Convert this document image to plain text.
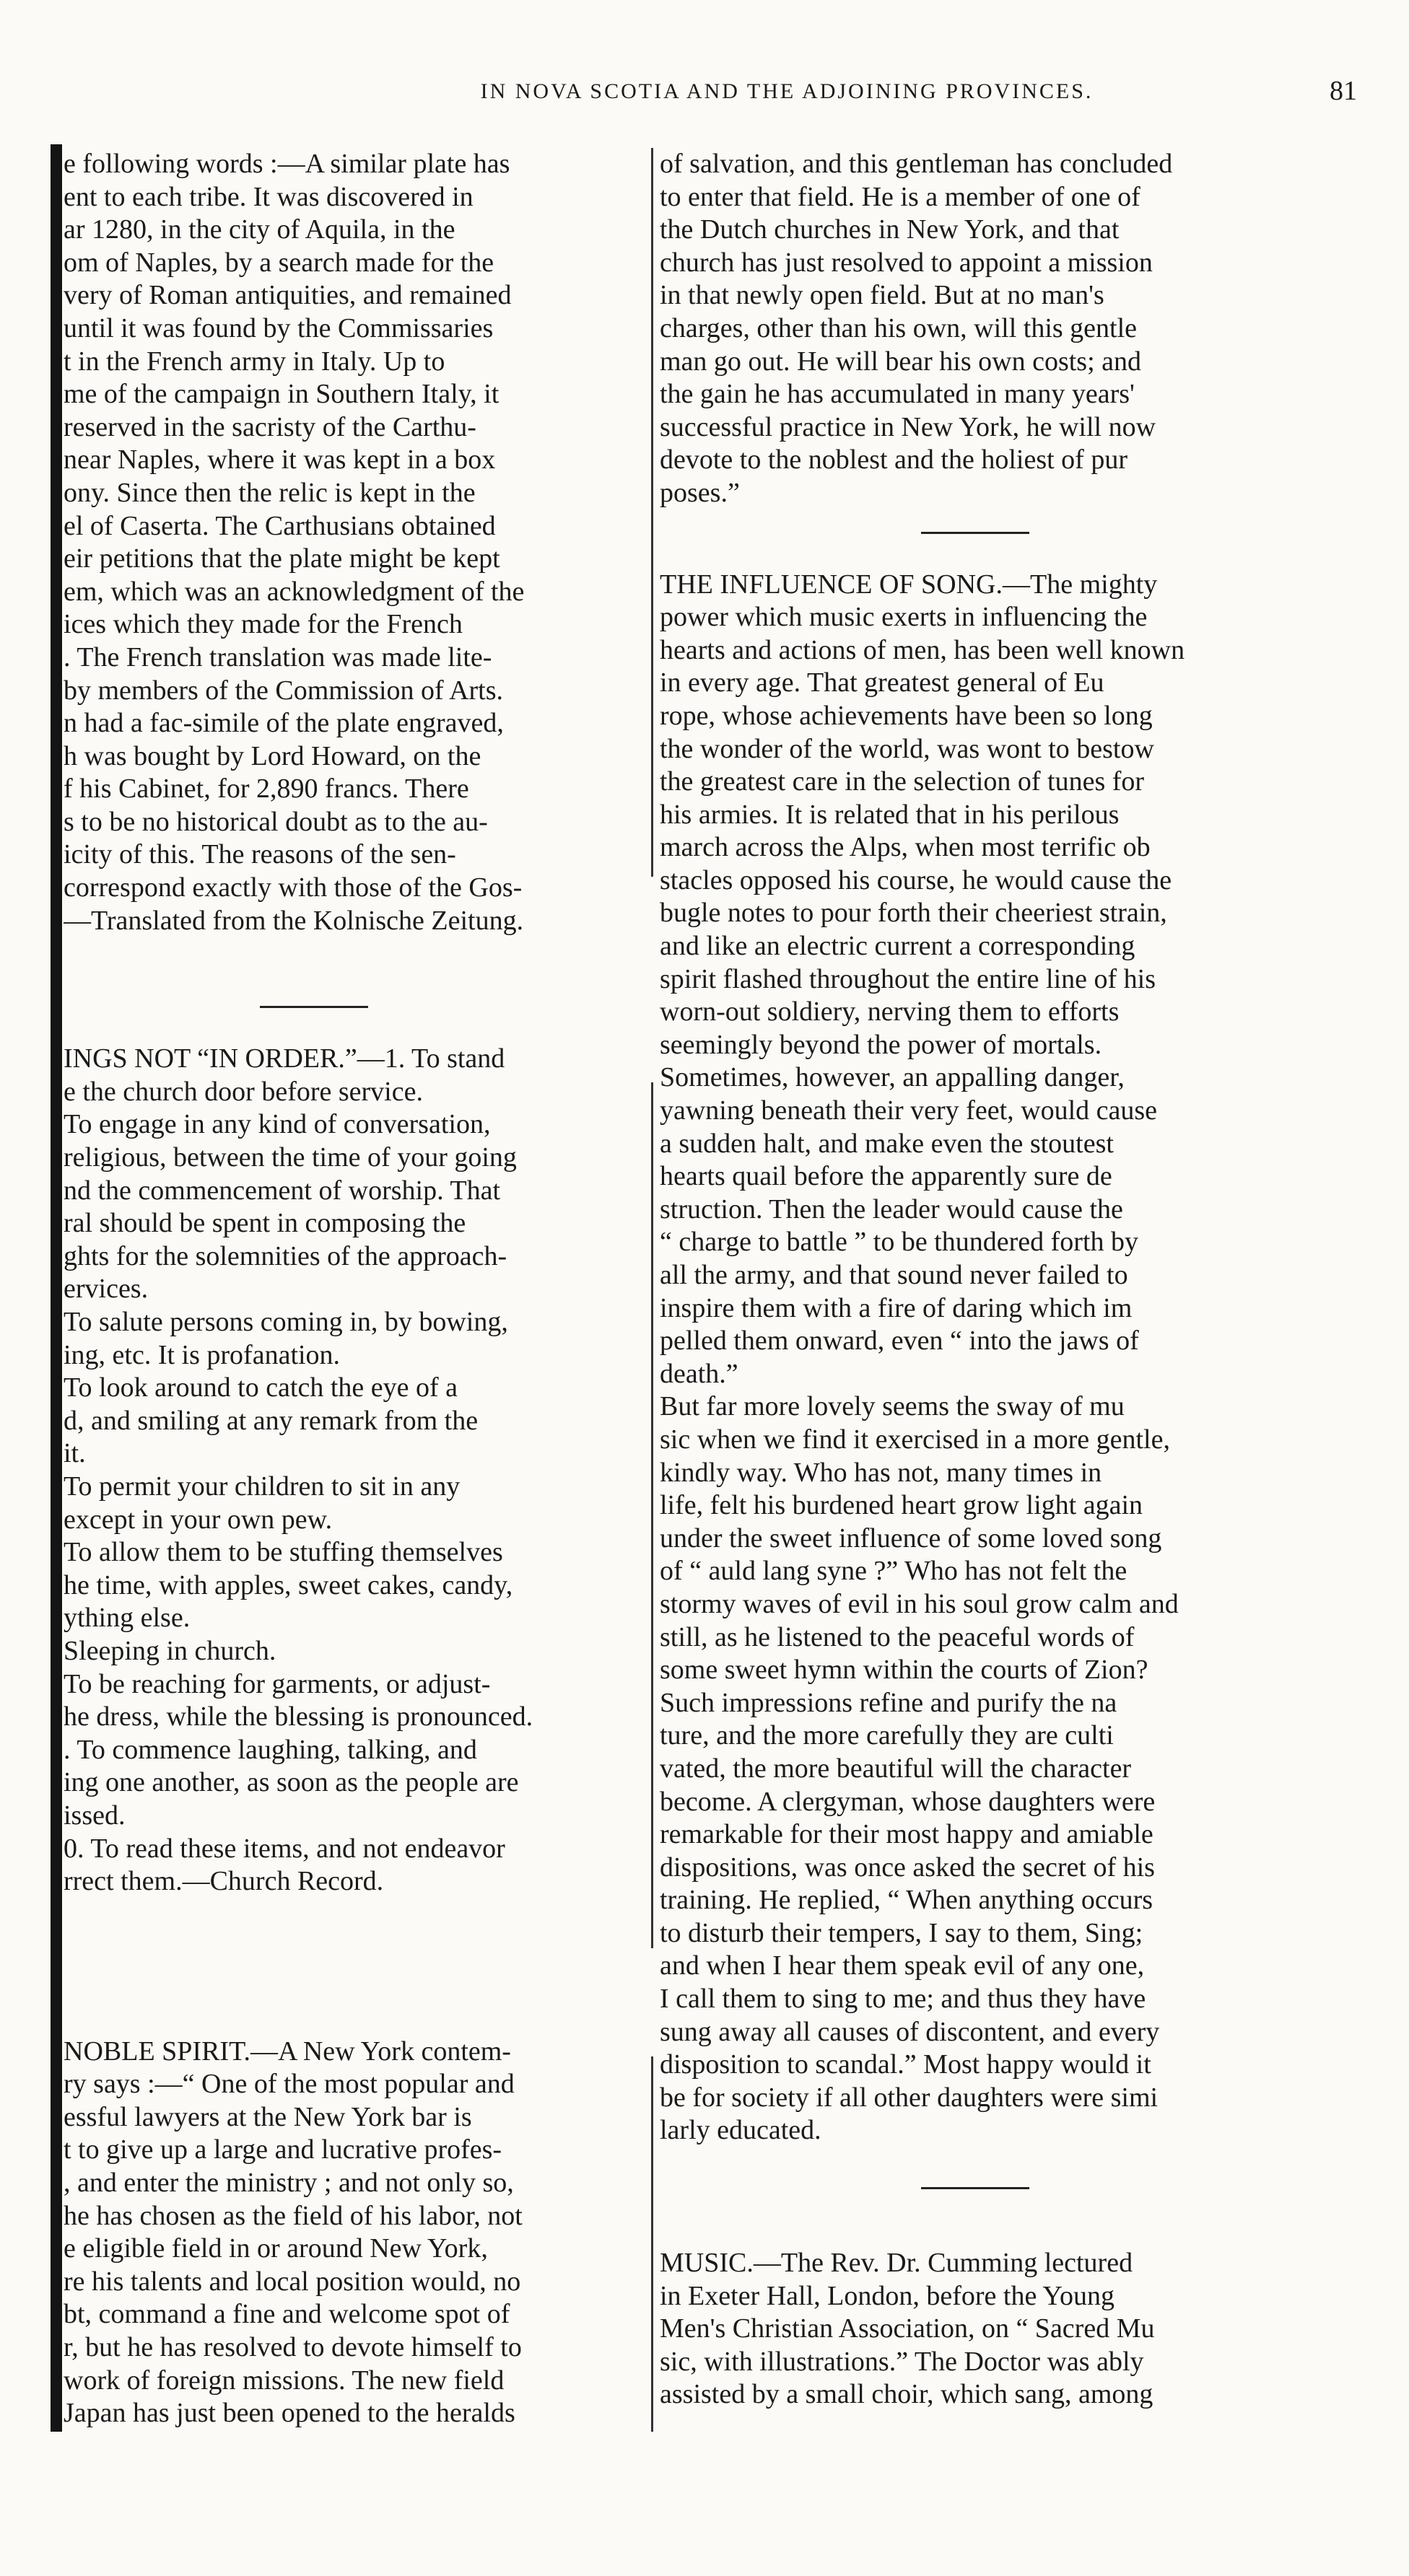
IN NOVA SCOTIA AND THE ADJOINING PROVINCES.	81
e following words :—A similar plate has
ent to each tribe. It was discovered in
ar 1280, in the city of Aquila, in the
om of Naples, by a search made for the
very of Roman antiquities, and remained
until it was found by the Commissaries
t in the French army in Italy. Up to
me of the campaign in Southern Italy, it
reserved in the sacristy of the Carthu-
near Naples, where it was kept in a box
ony. Since then the relic is kept in the
el of Caserta. The Carthusians obtained
eir petitions that the plate might be kept
em, which was an acknowledgment of the
ices which they made for the French
. The French translation was made lite-
by members of the Commission of Arts.
n had a fac-simile of the plate engraved,
h was bought by Lord Howard, on the
f his Cabinet, for 2,890 francs. There
s to be no historical doubt as to the au-
icity of this. The reasons of the sen-
correspond exactly with those of the Gos-
—Translated from the Kolnische Zeitung.
INGS NOT “IN ORDER.”—1. To stand
e the church door before service.
To engage in any kind of conversation,
religious, between the time of your going
nd the commencement of worship. That
ral should be spent in composing the
ghts for the solemnities of the approach-
ervices.
To salute persons coming in, by bowing,
ing, etc. It is profanation.
To look around to catch the eye of a
d, and smiling at any remark from the
it.
To permit your children to sit in any
except in your own pew.
To allow them to be stuffing themselves
he time, with apples, sweet cakes, candy,
ything else.
Sleeping in church.
To be reaching for garments, or adjust-
he dress, while the blessing is pronounced.
. To commence laughing, talking, and
ing one another, as soon as the people are
issed.
0. To read these items, and not endeavor
rrect them.—Church Record.
NOBLE SPIRIT.—A New York contem-
ry says :—“ One of the most popular and
essful lawyers at the New York bar is
t to give up a large and lucrative profes-
, and enter the ministry ; and not only so,
he has chosen as the field of his labor, not
e eligible field in or around New York,
re his talents and local position would, no
bt, command a fine and welcome spot of
r, but he has resolved to devote himself to
work of foreign missions. The new field
Japan has just been opened to the heralds
of salvation, and this gentleman has concluded
to enter that field. He is a member of one of
the Dutch churches in New York, and that
church has just resolved to appoint a mission
in that newly open field. But at no man's
charges, other than his own, will this gentle
man go out. He will bear his own costs; and
the gain he has accumulated in many years'
successful practice in New York, he will now
devote to the noblest and the holiest of pur
poses.”
THE INFLUENCE OF SONG.—The mighty
power which music exerts in influencing the
hearts and actions of men, has been well known
in every age. That greatest general of Eu
rope, whose achievements have been so long
the wonder of the world, was wont to bestow
the greatest care in the selection of tunes for
his armies. It is related that in his perilous
march across the Alps, when most terrific ob
stacles opposed his course, he would cause the
bugle notes to pour forth their cheeriest strain,
and like an electric current a corresponding
spirit flashed throughout the entire line of his
worn-out soldiery, nerving them to efforts
seemingly beyond the power of mortals.
Sometimes, however, an appalling danger,
yawning beneath their very feet, would cause
a sudden halt, and make even the stoutest
hearts quail before the apparently sure de
struction. Then the leader would cause the
“ charge to battle ” to be thundered forth by
all the army, and that sound never failed to
inspire them with a fire of daring which im
pelled them onward, even “ into the jaws of
death.”
But far more lovely seems the sway of mu
sic when we find it exercised in a more gentle,
kindly way. Who has not, many times in
life, felt his burdened heart grow light again
under the sweet influence of some loved song
of “ auld lang syne ?” Who has not felt the
stormy waves of evil in his soul grow calm and
still, as he listened to the peaceful words of
some sweet hymn within the courts of Zion?
Such impressions refine and purify the na
ture, and the more carefully they are culti
vated, the more beautiful will the character
become. A clergyman, whose daughters were
remarkable for their most happy and amiable
dispositions, was once asked the secret of his
training. He replied, “ When anything occurs
to disturb their tempers, I say to them, Sing;
and when I hear them speak evil of any one,
I call them to sing to me; and thus they have
sung away all causes of discontent, and every
disposition to scandal.” Most happy would it
be for society if all other daughters were simi
larly educated.
MUSIC.—The Rev. Dr. Cumming lectured
in Exeter Hall, London, before the Young
Men's Christian Association, on “ Sacred Mu
sic, with illustrations.” The Doctor was ably
assisted by a small choir, which sang, among
